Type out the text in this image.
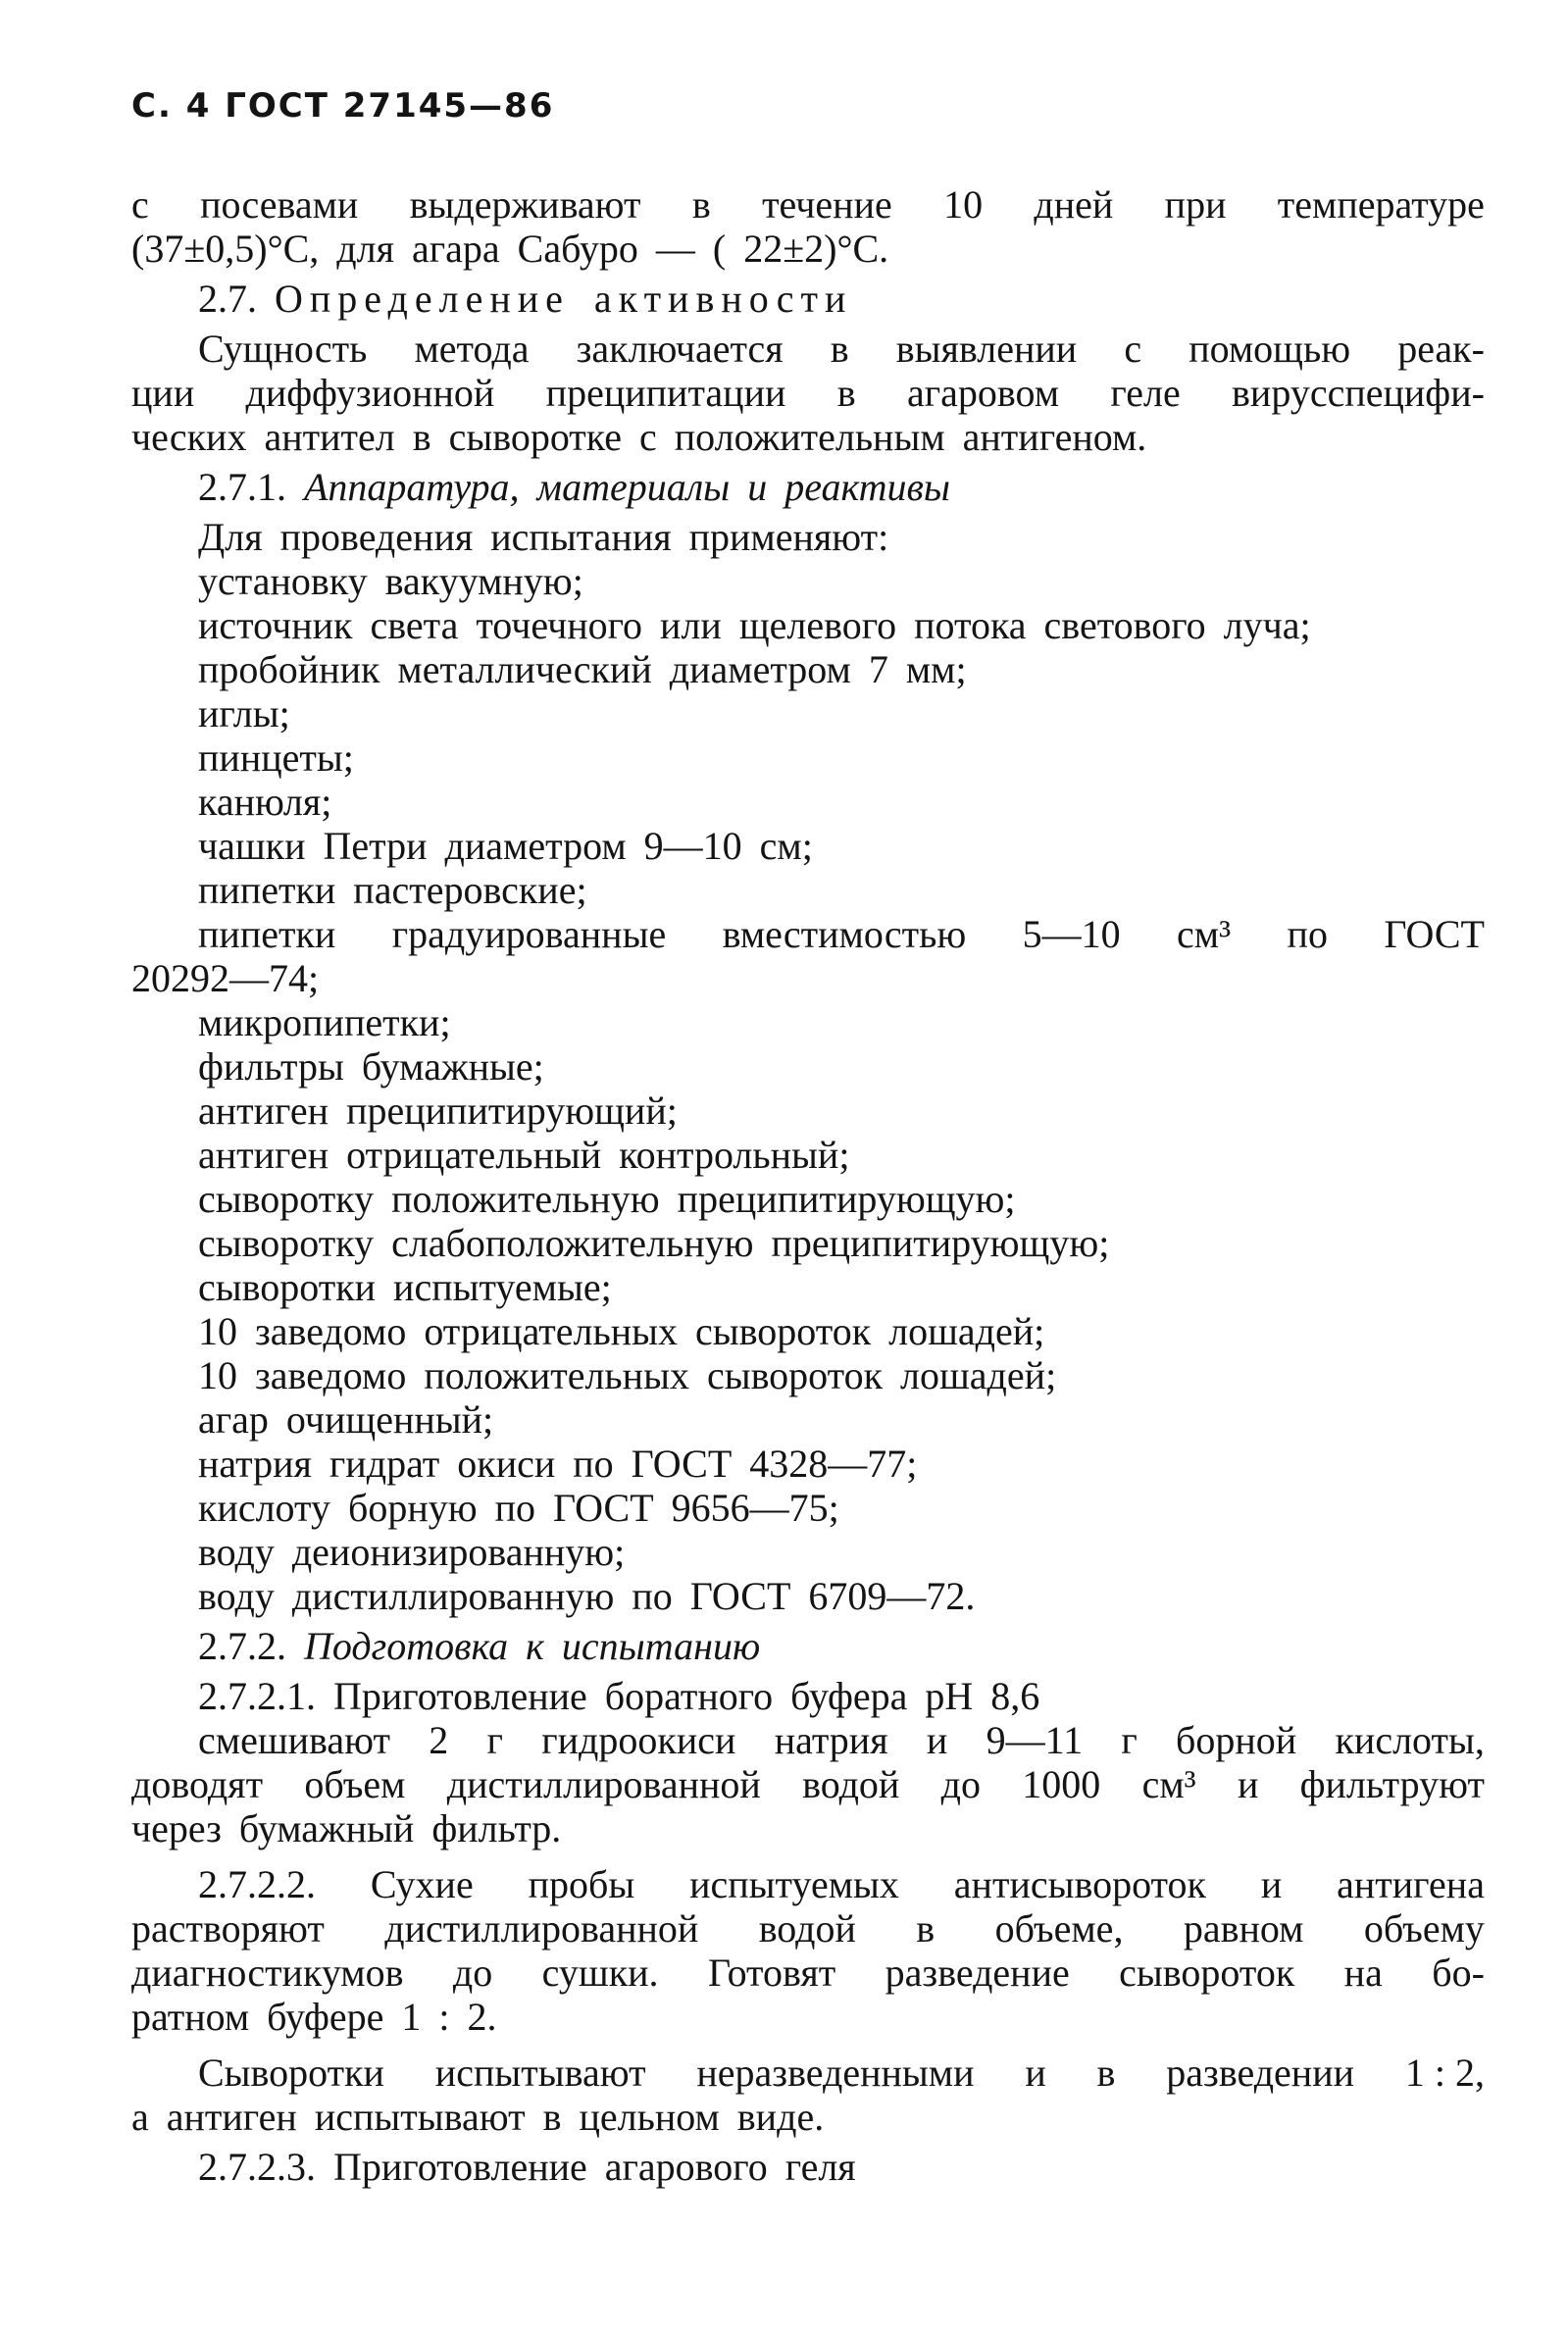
С. 4 ГОСТ 27145—86
с посевами выдерживают в течение 10 дней при температуре
(37±0,5)°С, для агара Сабуро — ( 22±2)°С.
2.7. Определение активности
Сущность метода заключается в выявлении с помощью реак-
ции диффузионной преципитации в агаровом геле вирусспецифи-
ческих антител в сыворотке с положительным антигеном.
2.7.1. Аппаратура, материалы и реактивы
Для проведения испытания применяют:
установку вакуумную;
источник света точечного или щелевого потока светового луча;
пробойник металлический диаметром 7 мм;
иглы;
пинцеты;
канюля;
чашки Петри диаметром 9—10 см;
пипетки пастеровские;
пипетки градуированные вместимостью 5—10 см³ по ГОСТ
20292—74;
микропипетки;
фильтры бумажные;
антиген преципитирующий;
антиген отрицательный контрольный;
сыворотку положительную преципитирующую;
сыворотку слабоположительную преципитирующую;
сыворотки испытуемые;
10 заведомо отрицательных сывороток лошадей;
10 заведомо положительных сывороток лошадей;
агар очищенный;
натрия гидрат окиси по ГОСТ 4328—77;
кислоту борную по ГОСТ 9656—75;
воду деионизированную;
воду дистиллированную по ГОСТ 6709—72.
2.7.2. Подготовка к испытанию
2.7.2.1. Приготовление боратного буфера рН 8,6
смешивают 2 г гидроокиси натрия и 9—11 г борной кислоты,
доводят объем дистиллированной водой до 1000 см³ и фильтруют
через бумажный фильтр.
2.7.2.2. Сухие пробы испытуемых антисывороток и антигена
растворяют дистиллированной водой в объеме, равном объему
диагностикумов до сушки. Готовят разведение сывороток на бо-
ратном буфере 1 : 2.
Сыворотки испытывают неразведенными и в разведении 1 : 2,
а антиген испытывают в цельном виде.
2.7.2.3. Приготовление агарового геля
